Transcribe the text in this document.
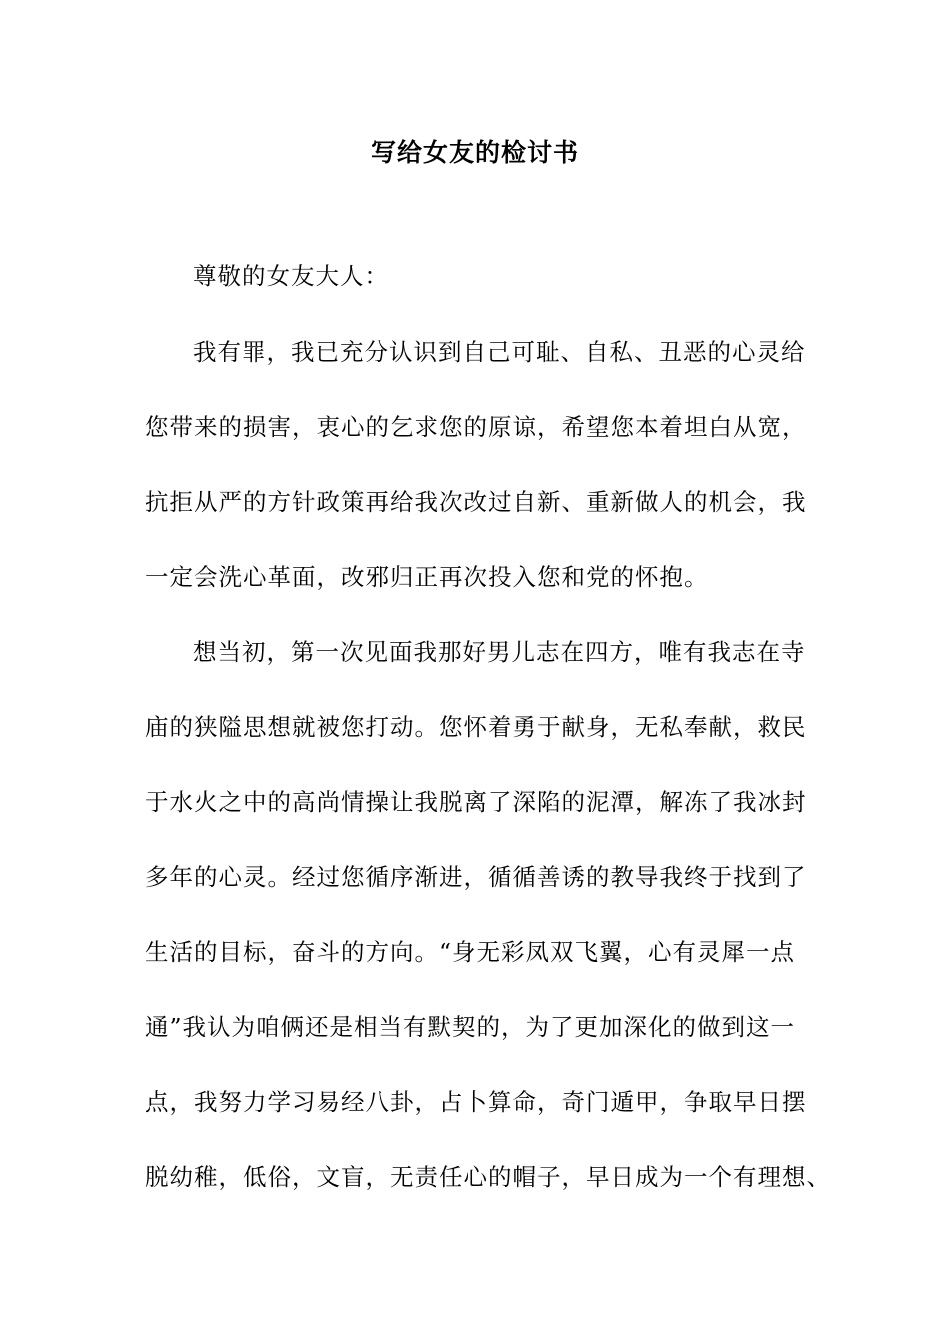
写给女友的检讨书
尊敬的女友大人：
我有罪，我已充分认识到自己可耻、自私、丑恶的心灵给
您带来的损害，衷心的乞求您的原谅，希望您本着坦白从宽，
抗拒从严的方针政策再给我次改过自新、重新做人的机会，我
一定会洗心革面，改邪归正再次投入您和党的怀抱。
想当初，第一次见面我那好男儿志在四方，唯有我志在寺
庙的狭隘思想就被您打动。您怀着勇于献身，无私奉献，救民
于水火之中的高尚情操让我脱离了深陷的泥潭，解冻了我冰封
多年的心灵。经过您循序渐进，循循善诱的教导我终于找到了
生活的目标，奋斗的方向。“身无彩凤双飞翼，心有灵犀一点
通”我认为咱俩还是相当有默契的，为了更加深化的做到这一
点，我努力学习易经八卦，占卜算命，奇门遁甲，争取早日摆
脱幼稚，低俗，文盲，无责任心的帽子，早日成为一个有理想、
